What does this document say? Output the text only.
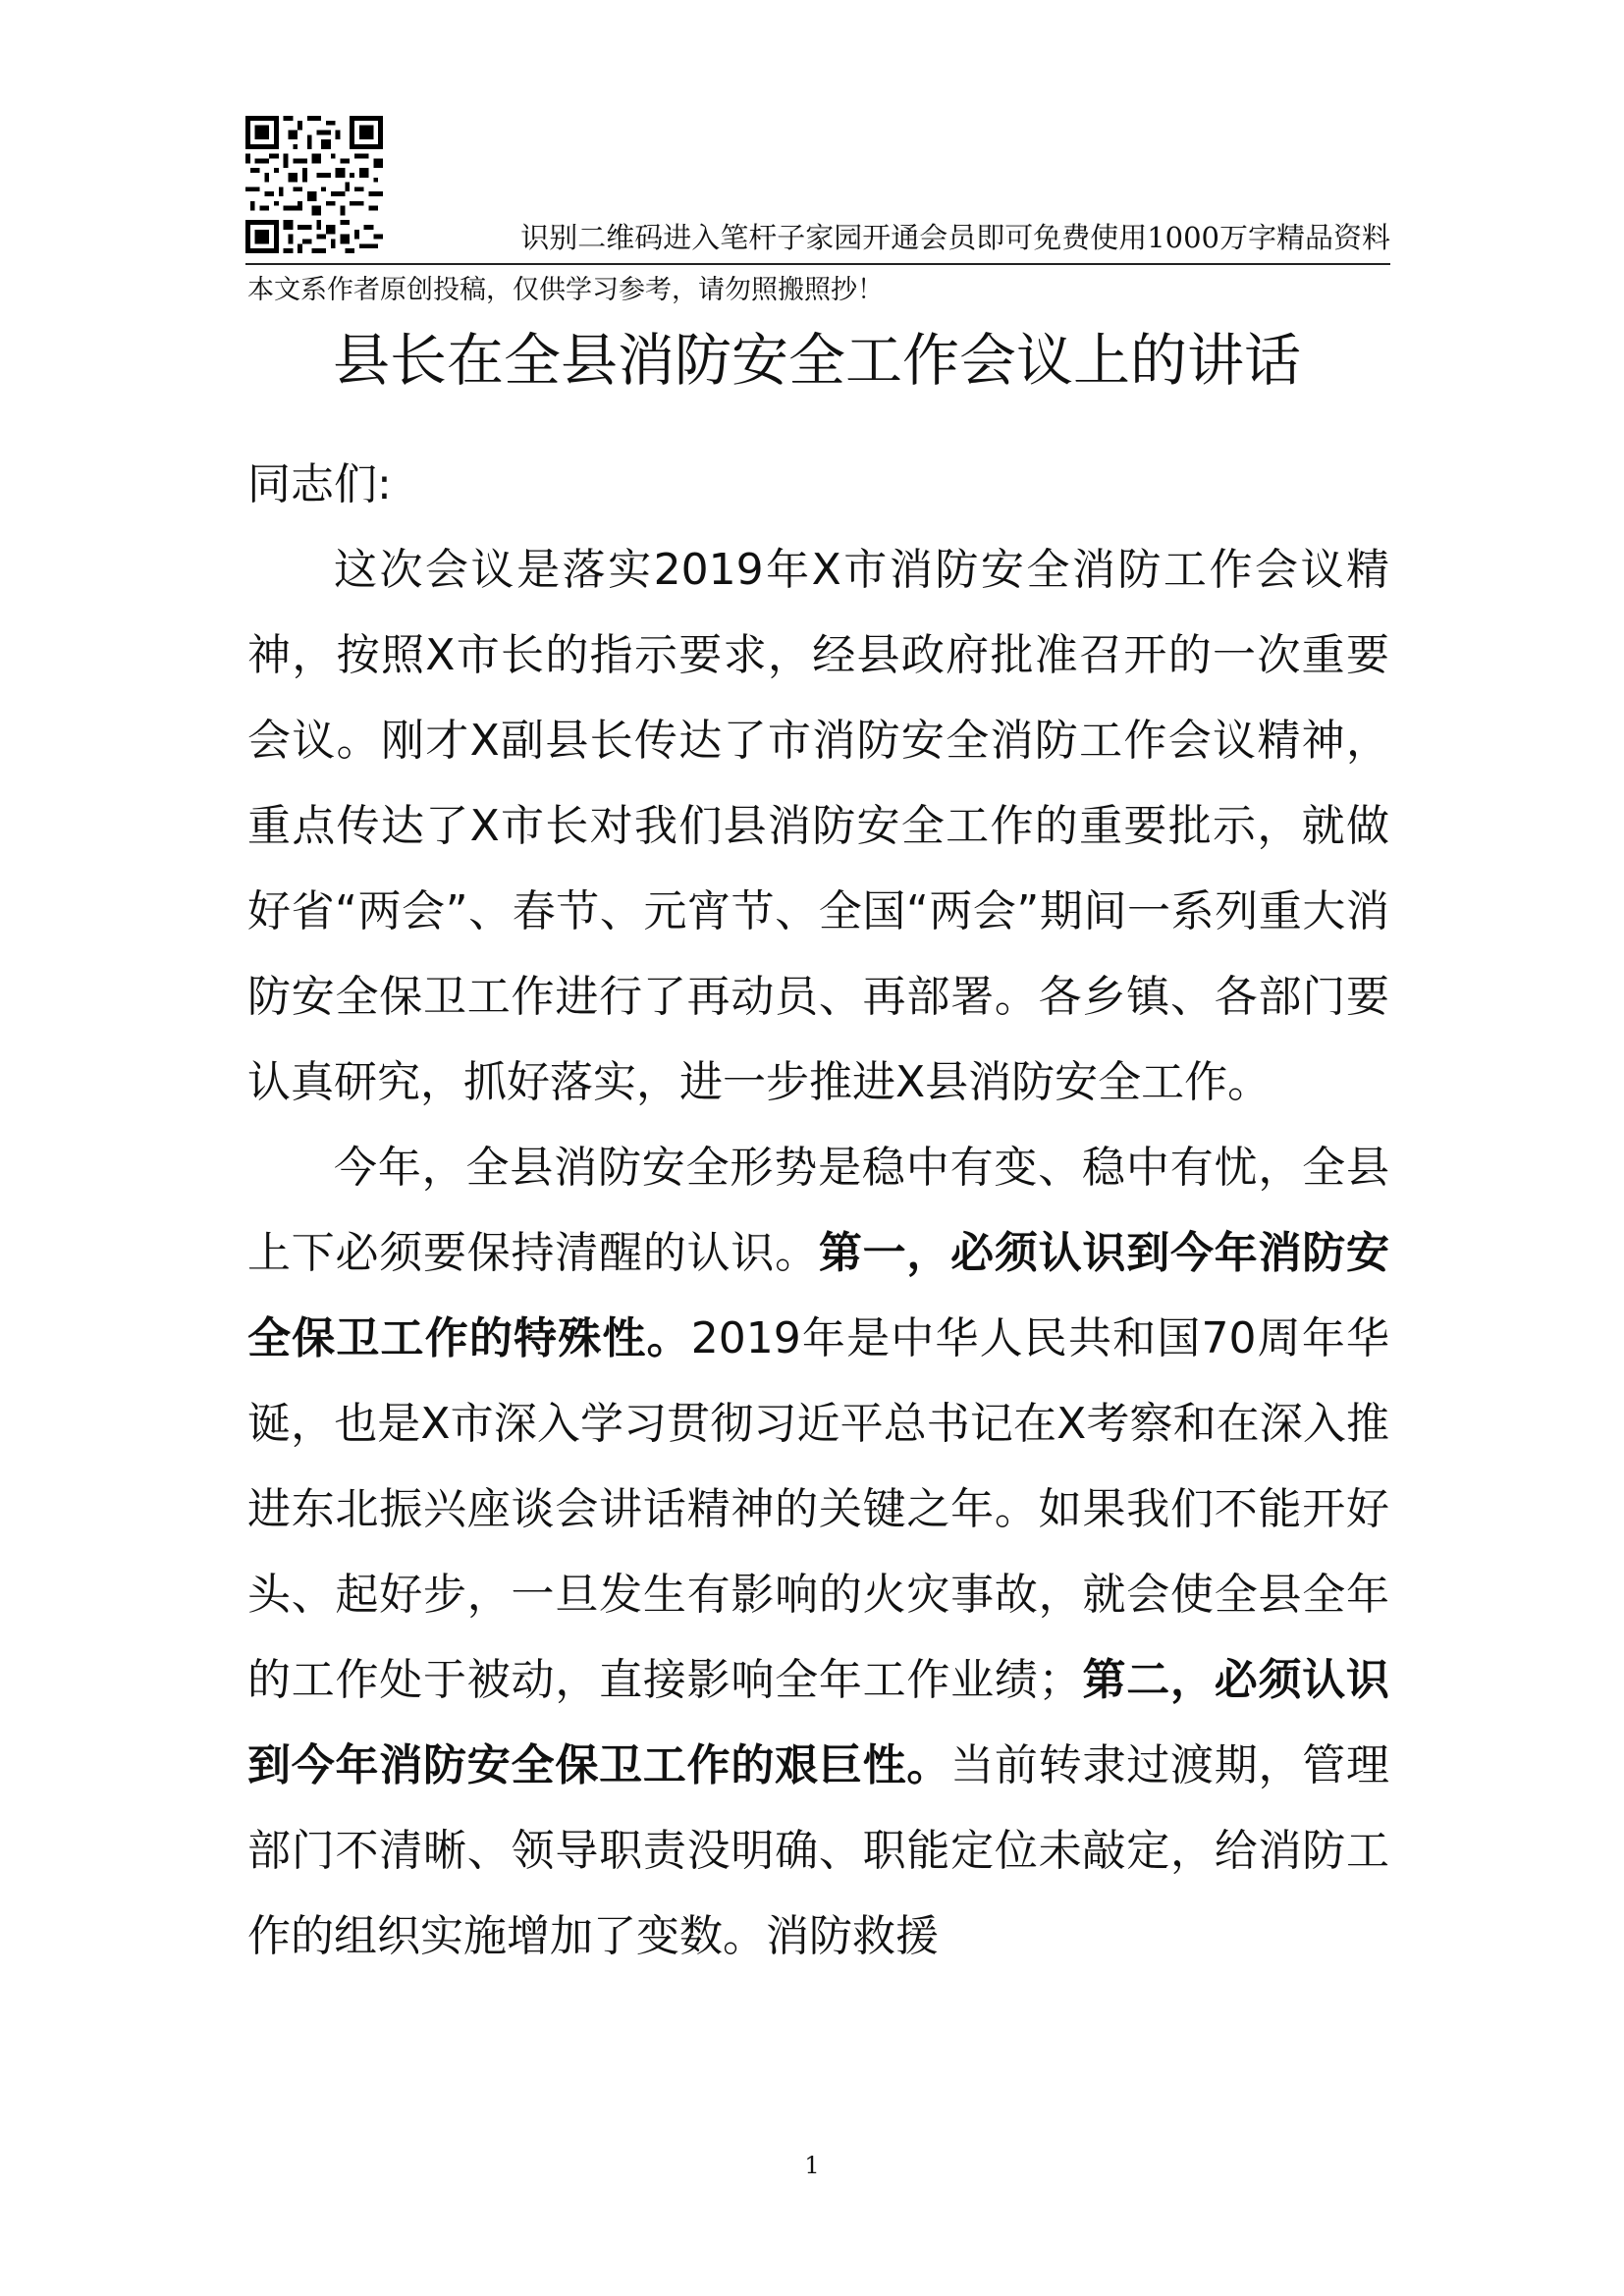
识别二维码进入笔杆子家园开通会员即可免费使用1000万字精品资料
本文系作者原创投稿，仅供学习参考，请勿照搬照抄！
县长在全县消防安全工作会议上的讲话

同志们:

这次会议是落实2019年X市消防安全消防工作会议精神，按照X市长的指示要求，经县政府批准召开的一次重要会议。刚才X副县长传达了市消防安全消防工作会议精神，重点传达了X市长对我们县消防安全工作的重要批示，就做好省“两会”、春节、元宵节、全国“两会”期间一系列重大消防安全保卫工作进行了再动员、再部署。各乡镇、各部门要认真研究，抓好落实，进一步推进X县消防安全工作。

今年，全县消防安全形势是稳中有变、稳中有忧，全县上下必须要保持清醒的认识。第一，必须认识到今年消防安全保卫工作的特殊性。2019年是中华人民共和国70周年华诞，也是X市深入学习贯彻习近平总书记在X考察和在深入推进东北振兴座谈会讲话精神的关键之年。如果我们不能开好头、起好步，一旦发生有影响的火灾事故，就会使全县全年的工作处于被动，直接影响全年工作业绩；第二，必须认识到今年消防安全保卫工作的艰巨性。当前转隶过渡期，管理部门不清晰、领导职责没明确、职能定位未敲定，给消防工作的组织实施增加了变数。消防救援

1
